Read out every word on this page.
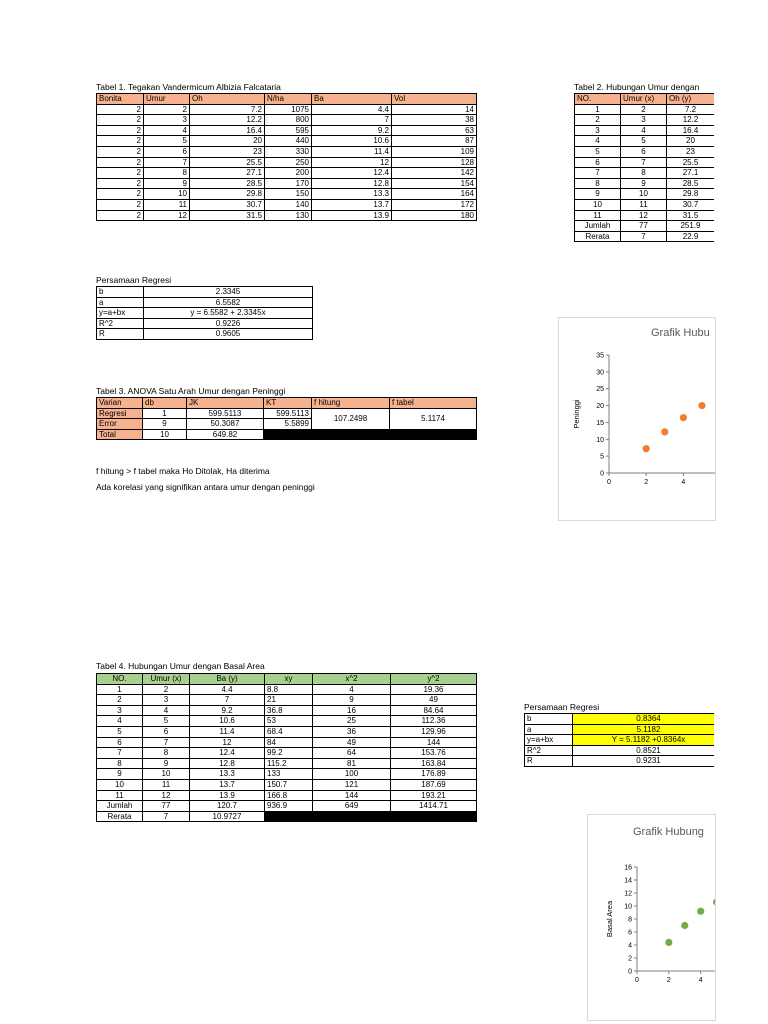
Tabel 1. Tegakan Vandermicum Albizia Falcataria
Bonita	Umur	Oh	N/ha	Ba	Vol
2	2	7.2	1075	4.4	14
2	3	12.2	800	7	38
2	4	16.4	595	9.2	63
2	5	20	440	10.6	87
2	6	23	330	11.4	109
2	7	25.5	250	12	128
2	8	27.1	200	12.4	142
2	9	28.5	170	12.8	154
2	10	29.8	150	13.3	164
2	11	30.7	140	13.7	172
2	12	31.5	130	13.9	180
Persamaan Regresi
b	2.3345
a	6.5582
y=a+bx	y = 6.5582 + 2.3345x
R^2	0.9226
R	0.9605
Tabel 3. ANOVA Satu Arah Umur dengan Peninggi
Varian	db	JK	KT	f hitung	f tabel
Regresi	1	599.5113	599.5113	107.2498	5.1174
Error	9	50.3087	5.5899		
Total	10	649.82			
f hitung > f tabel maka Ho Ditolak, Ha diterima
Ada korelasi yang signifikan antara umur dengan peninggi
Tabel 2. Hubungan Umur dengan
NO.	Umur (x)	Oh (y)	
1	2	7.2	
2	3	12.2	
3	4	16.4	
4	5	20	
5	6	23	
6	7	25.5	
7	8	27.1	
8	9	28.5	
9	10	29.8	
10	11	30.7	
11	12	31.5	
Jumlah	77	251.9	
Rerata	7	22.9	
Grafik Hubu
0
5
10
15
20
25
30
35
0	2	4
Peninggi
Tabel 4. Hubungan Umur dengan Basal Area
NO.	Umur (x)	Ba (y)	xy	x^2	y^2
1	2	4.4	8.8	4	19.36
2	3	7	21	9	49
3	4	9.2	36.8	16	84.64
4	5	10.6	53	25	112.36
5	6	11.4	68.4	36	129.96
6	7	12	84	49	144
7	8	12.4	99.2	64	153.76
8	9	12.8	115.2	81	163.84
9	10	13.3	133	100	176.89
10	11	13.7	150.7	121	187.69
11	12	13.9	166.8	144	193.21
Jumlah	77	120.7	936.9	649	1414.71
Rerata	7	10.9727			
Persamaan Regresi
b	0.8364
a	5.1182
y=a+bx	Y = 5.1182 +0.8364x
R^2	0.8521
R	0.9231
Grafik Hubung
0
2
4
6
8
10
12
14
16
0	2	4
Basal Area
